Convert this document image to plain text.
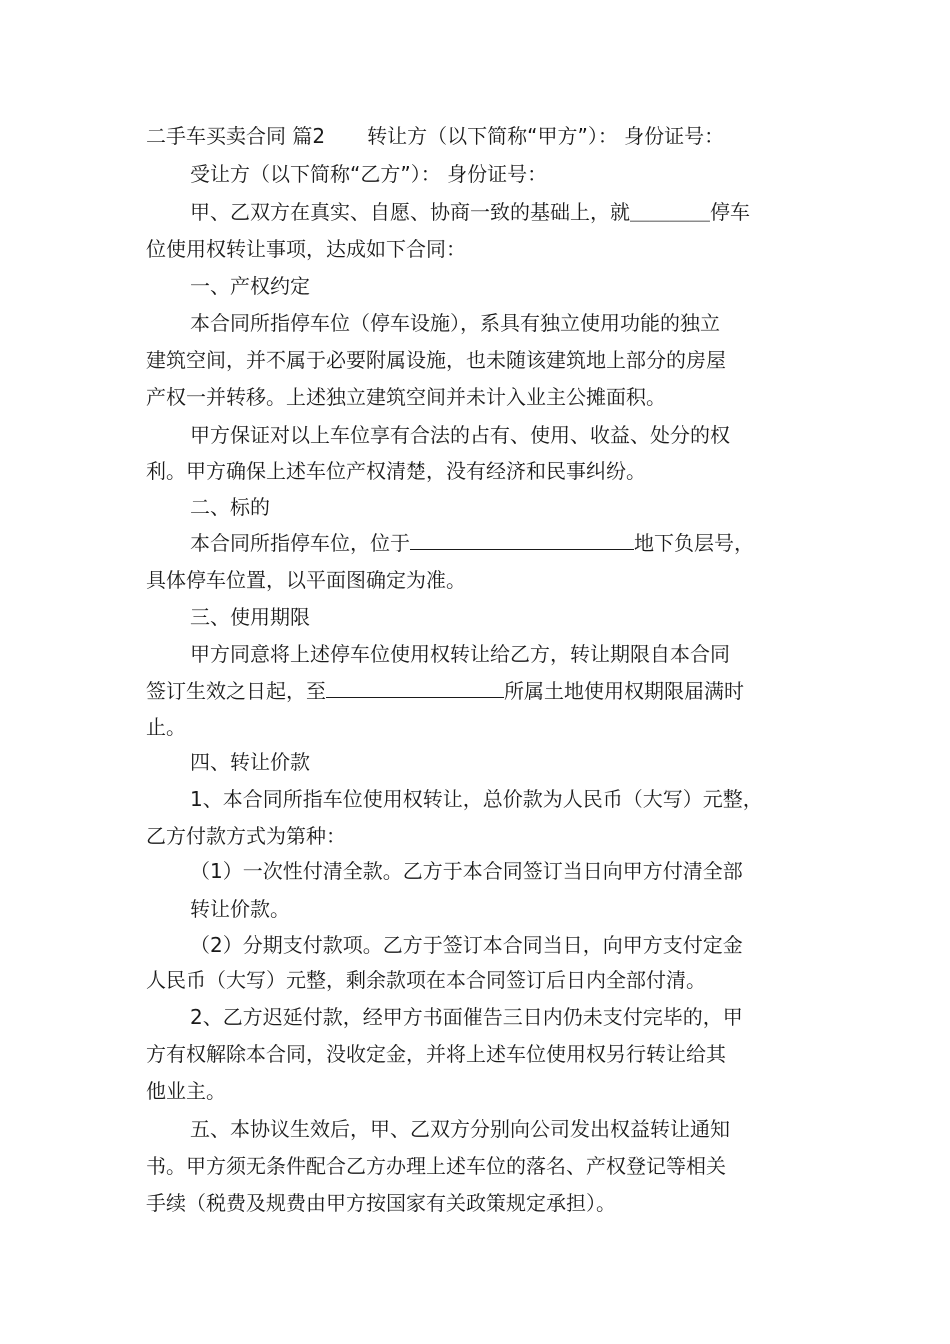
二手车买卖合同 篇2 转让方（以下简称“甲方”）： 身份证号：
受让方（以下简称“乙方”）： 身份证号：
甲、乙双方在真实、自愿、协商一致的基础上，就＿＿＿＿停车
位使用权转让事项，达成如下合同：
一、产权约定
本合同所指停车位（停车设施），系具有独立使用功能的独立
建筑空间，并不属于必要附属设施，也未随该建筑地上部分的房屋
产权一并转移。上述独立建筑空间并未计入业主公摊面积。
甲方保证对以上车位享有合法的占有、使用、收益、处分的权
利。甲方确保上述车位产权清楚，没有经济和民事纠纷。
二、标的
本合同所指停车位，位于	地下负层号，
具体停车位置，以平面图确定为准。
三、使用期限
甲方同意将上述停车位使用权转让给乙方，转让期限自本合同
签订生效之日起，至	所属土地使用权期限届满时
止。
四、转让价款
1、本合同所指车位使用权转让，总价款为人民币（大写）元整，
乙方付款方式为第种：
（1）一次性付清全款。乙方于本合同签订当日向甲方付清全部
转让价款。
（2）分期支付款项。乙方于签订本合同当日，向甲方支付定金
人民币（大写）元整，剩余款项在本合同签订后日内全部付清。
2、乙方迟延付款，经甲方书面催告三日内仍未支付完毕的，甲
方有权解除本合同，没收定金，并将上述车位使用权另行转让给其
他业主。
五、本协议生效后，甲、乙双方分别向公司发出权益转让通知
书。甲方须无条件配合乙方办理上述车位的落名、产权登记等相关
手续（税费及规费由甲方按国家有关政策规定承担）。
